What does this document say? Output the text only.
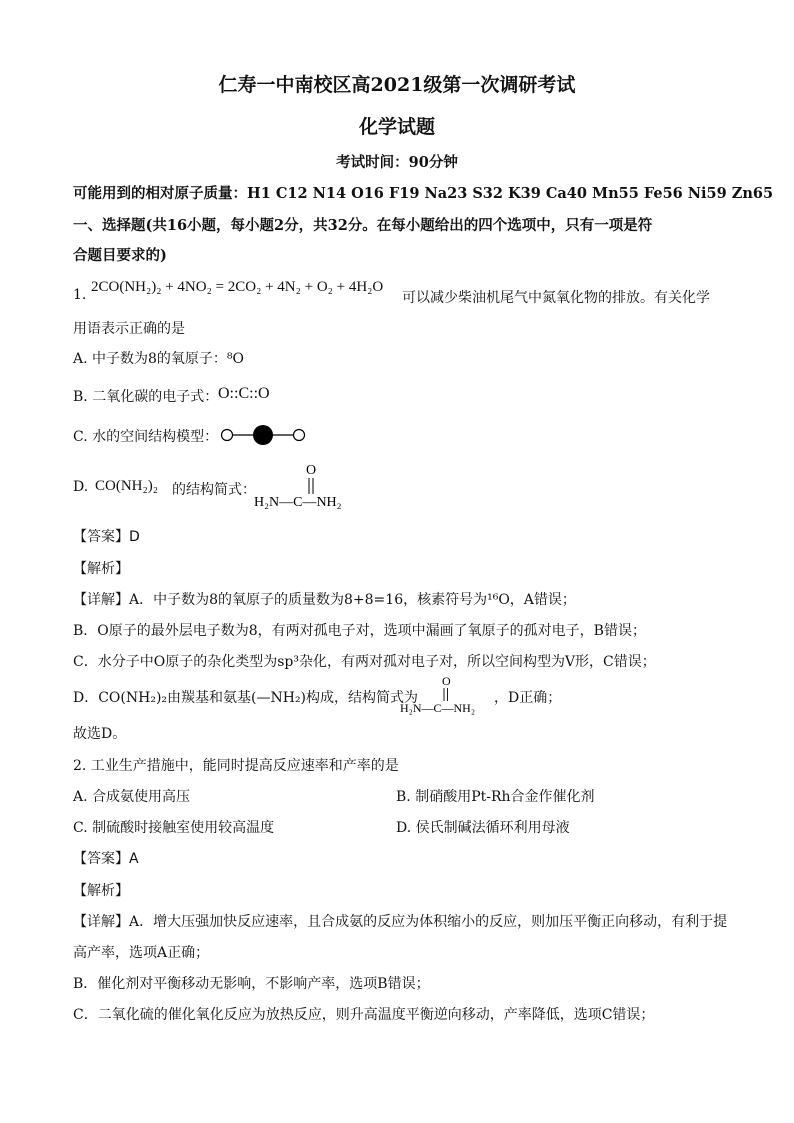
仁寿一中南校区高2021级第一次调研考试
化学试题
考试时间：90分钟
可能用到的相对原子质量：H1 C12 N14 O16 F19 Na23 S32 K39 Ca40 Mn55 Fe56 Ni59 Zn65
一、选择题(共16小题，每小题2分，共32分。在每小题给出的四个选项中，只有一项是符
合题目要求的)
1. 2CO(NH₂)₂ + 4NO₂ = 2CO₂ + 4N₂ + O₂ + 4H₂O
可以减少柴油机尾气中氮氧化物的排放。有关化学
用语表示正确的是
A. 中子数为8的氧原子：⁸O
B. 二氧化碳的电子式： O::C::O
C. 水的空间结构模型：
D. CO(NH₂)₂ 的结构简式：
O
H₂N—C—NH₂
【答案】D
【解析】
【详解】A．中子数为8的氧原子的质量数为8+8=16，核素符号为¹⁶O，A错误；
B．O原子的最外层电子数为8，有两对孤电子对，选项中漏画了氧原子的孤对电子，B错误；
C．水分子中O原子的杂化类型为sp³杂化，有两对孤对电子对，所以空间构型为V形，C错误；
D．CO(NH₂)₂由羰基和氨基(—NH₂)构成，结构简式为
O
H₂N—C—NH₂
，D正确；
故选D。
2. 工业生产措施中，能同时提高反应速率和产率的是
A. 合成氨使用高压	B. 制硝酸用Pt-Rh合金作催化剂
C. 制硫酸时接触室使用较高温度	D. 侯氏制碱法循环利用母液
【答案】A
【解析】
【详解】A．增大压强加快反应速率，且合成氨的反应为体积缩小的反应，则加压平衡正向移动，有利于提
高产率，选项A正确；
B．催化剂对平衡移动无影响，不影响产率，选项B错误；
C．二氧化硫的催化氧化反应为放热反应，则升高温度平衡逆向移动，产率降低，选项C错误；
